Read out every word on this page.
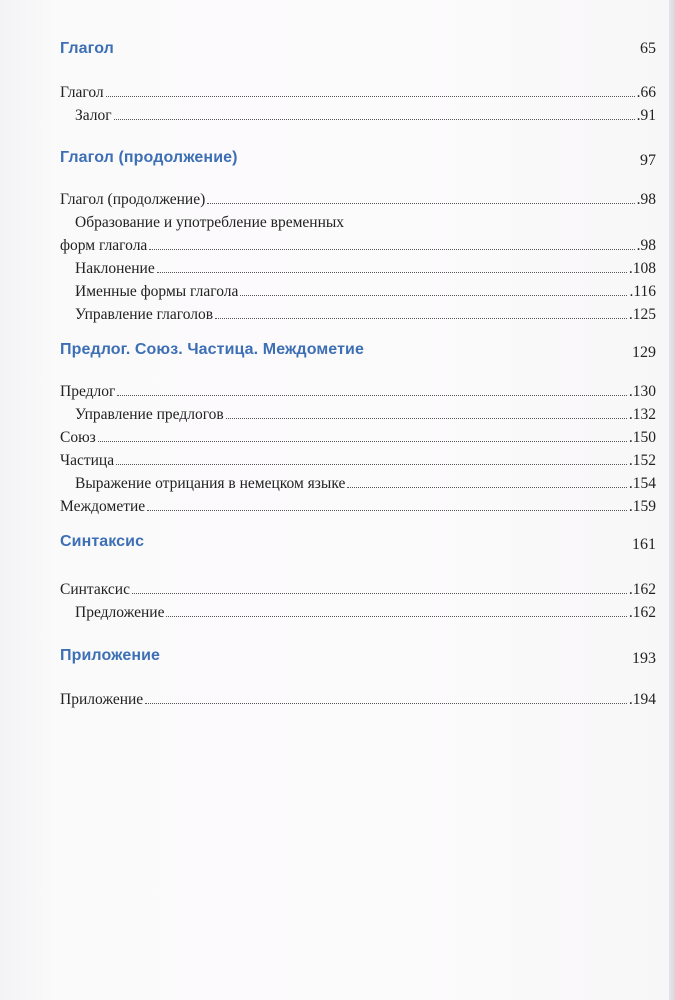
Глагол	65
Глагол	.66
Залог	.91
Глагол (продолжение)	97
Глагол (продолжение)	.98
Образование и употребление временных
форм глагола	.98
Наклонение	.108
Именные формы глагола	.116
Управление глаголов	.125
Предлог. Союз. Частица. Междометие	129
Предлог	.130
Управление предлогов	.132
Союз	.150
Частица	.152
Выражение отрицания в немецком языке	.154
Междометие	.159
Синтаксис	161
Синтаксис	.162
Предложение	.162
Приложение	193
Приложение	.194
